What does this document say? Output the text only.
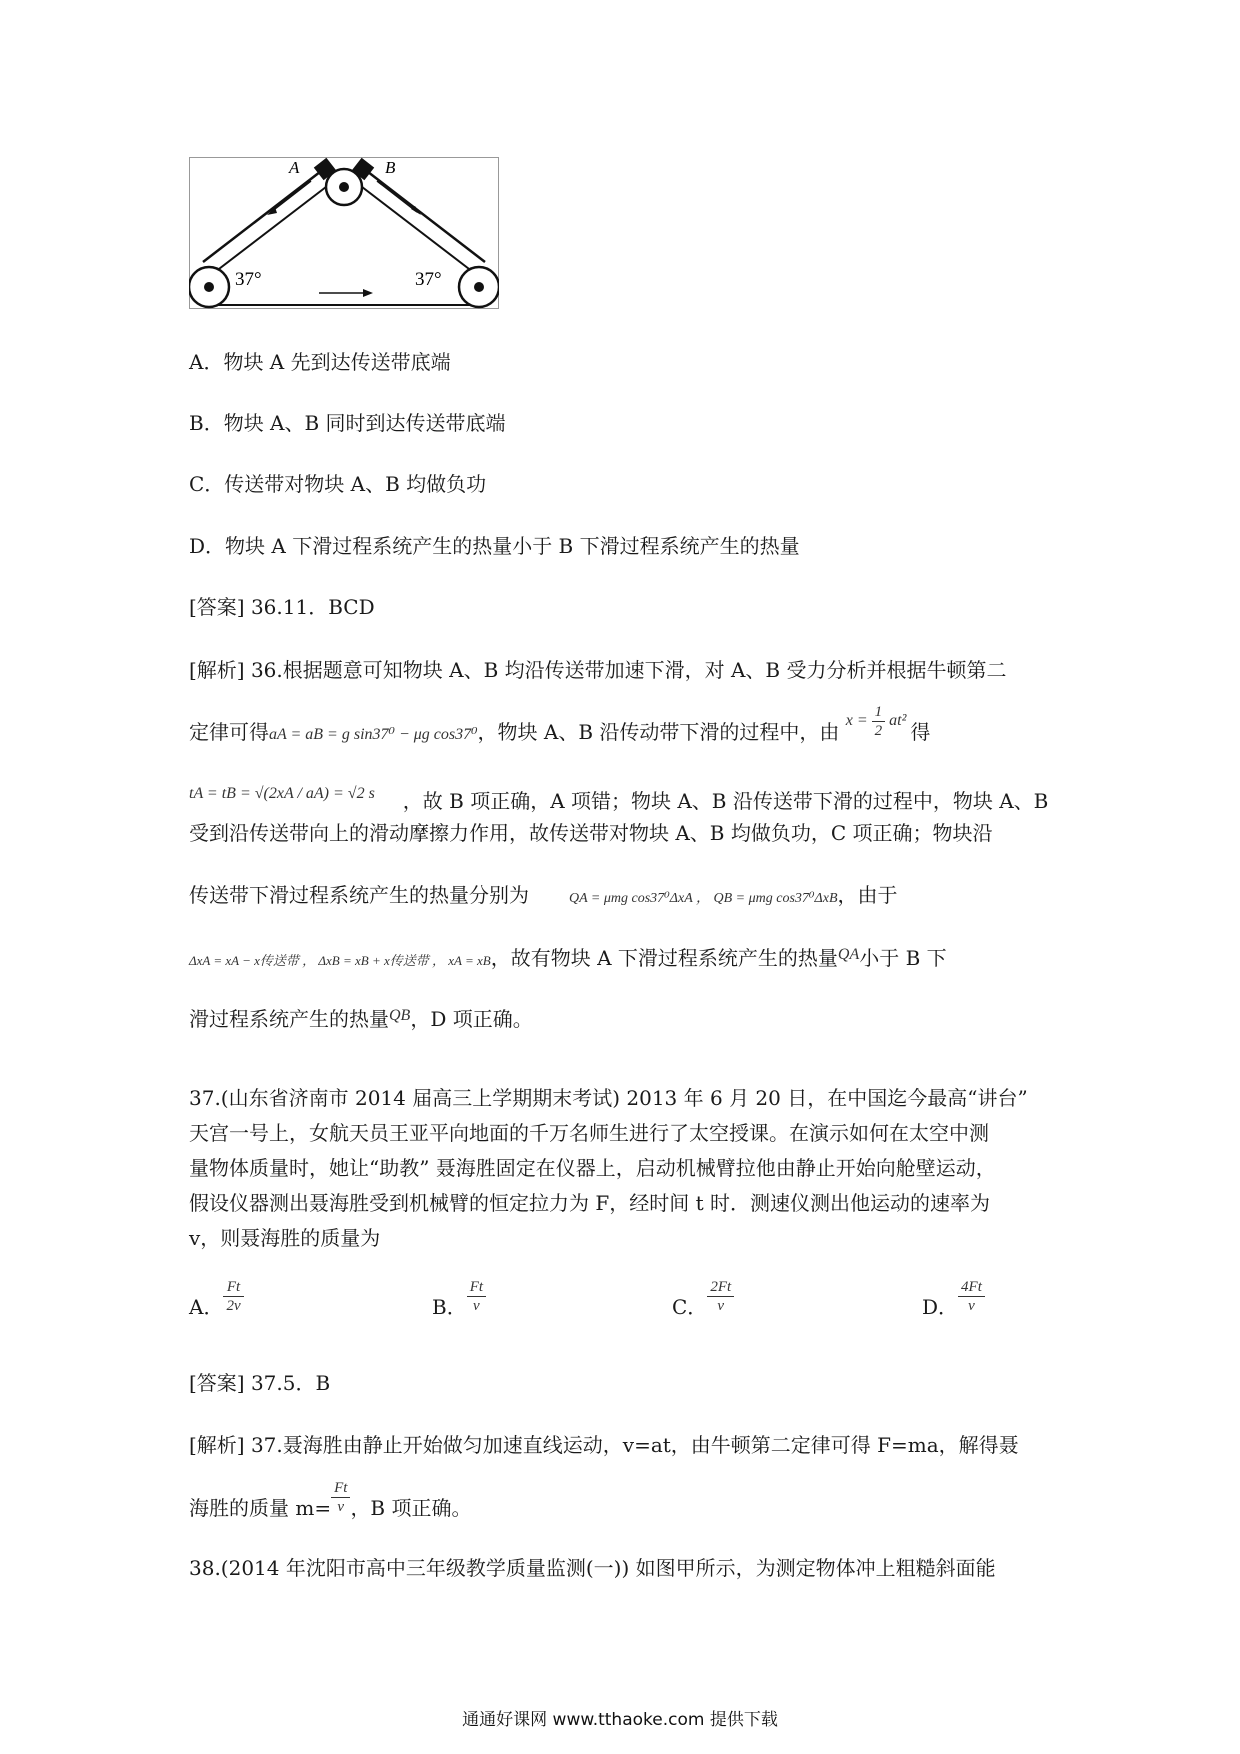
A	B
37°	37°
A．物块 A 先到达传送带底端
B．物块 A、B 同时到达传送带底端
C．传送带对物块 A、B 均做负功
D．物块 A 下滑过程系统产生的热量小于 B 下滑过程系统产生的热量
[答案] 36.11．BCD
[解析] 36.根据题意可知物块 A、B 均沿传送带加速下滑，对 A、B 受力分析并根据牛顿第二
定律可得aA = aB = g sin37⁰ − μg cos37⁰，物块 A、B 沿传动带下滑的过程中，由 $^{x = \frac{1}{2} at^2}$ 得
$^{tA = tB = √(2xA / aA) = √2 s}$ ，故 B 项正确，A 项错；物块 A、B 沿传送带下滑的过程中，物块 A、B
受到沿传送带向上的滑动摩擦力作用，故传送带对物块 A、B 均做负功，C 项正确；物块沿
传送带下滑过程系统产生的热量分别为	QA = μmg cos37⁰ΔxA ， QB = μmg cos37⁰ΔxB，由于
ΔxA = xA − x传送带 ， ΔxB = xB + x传送带 ， xA = xB，故有物块 A 下滑过程系统产生的热量$^{QA}$小于 B 下
滑过程系统产生的热量$^{QB}$，D 项正确。
37.(山东省济南市 2014 届高三上学期期末考试) 2013 年 6 月 20 日，在中国迄今最高“讲台”
天宫一号上，女航天员王亚平向地面的千万名师生进行了太空授课。在演示如何在太空中测
量物体质量时，她让“助教” 聂海胜固定在仪器上，启动机械臂拉他由静止开始向舱壁运动，
假设仪器测出聂海胜受到机械臂的恒定拉力为 F，经时间 t 时．测速仪测出他运动的速率为
v，则聂海胜的质量为
A． $\frac{Ft}{2v}$	B． $\frac{Ft}{v}$	C． $\frac{2Ft}{v}$	D． $\frac{4Ft}{v}$
[答案] 37.5．B
[解析] 37.聂海胜由静止开始做匀加速直线运动，v=at，由牛顿第二定律可得 F=ma，解得聂
海胜的质量 $m= \frac{Ft}{v}$ ，B 项正确。
38.(2014 年沈阳市高中三年级教学质量监测(一)) 如图甲所示，为测定物体冲上粗糙斜面能
通通好课网 www.tthaoke.com 提供下载
